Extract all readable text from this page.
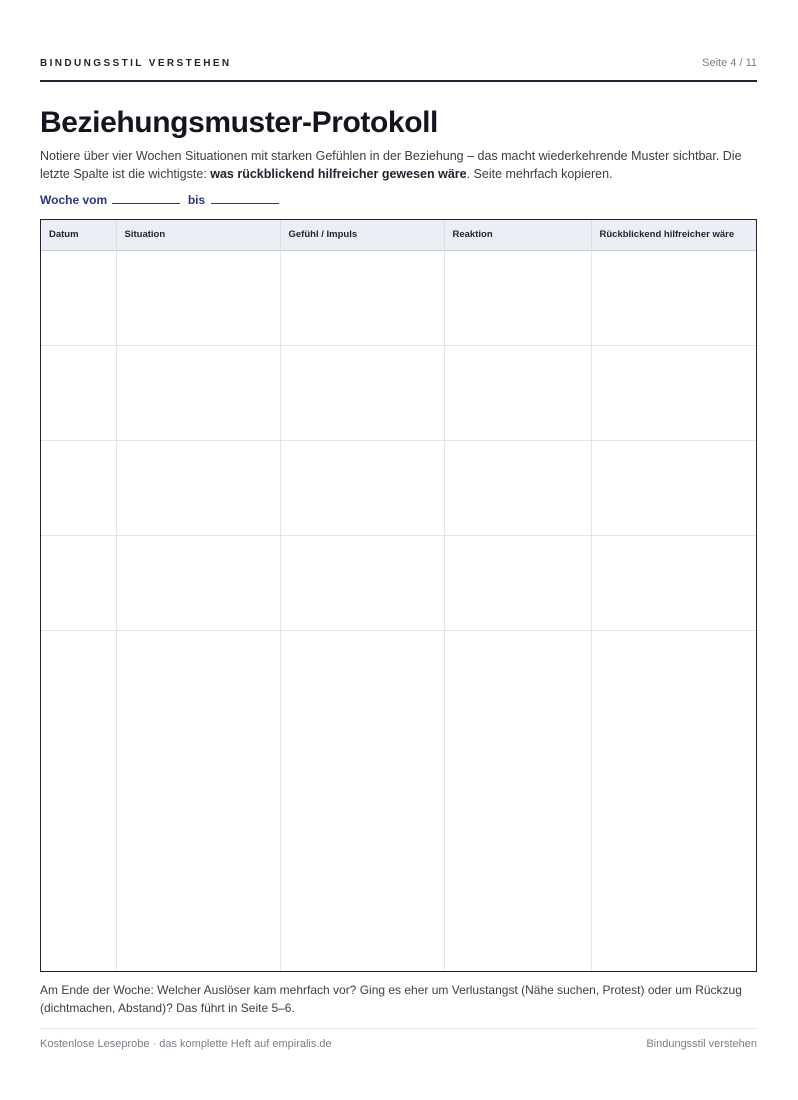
BINDUNGSSTIL VERSTEHEN	Seite 4 / 11
Beziehungsmuster-Protokoll

Notiere über vier Wochen Situationen mit starken Gefühlen in der Beziehung – das macht wiederkehrende Muster sichtbar. Die letzte Spalte ist die wichtigste: was rückblickend hilfreicher gewesen wäre. Seite mehrfach kopieren.

Woche vom	bis
Datum	Situation	Gefühl / Impuls	Reaktion	Rückblickend hilfreicher wäre

Am Ende der Woche: Welcher Auslöser kam mehrfach vor? Ging es eher um Verlustangst (Nähe suchen, Protest) oder um Rückzug (dichtmachen, Abstand)? Das führt in Seite 5–6.

Kostenlose Leseprobe · das komplette Heft auf empiralis.de	Bindungsstil verstehen
